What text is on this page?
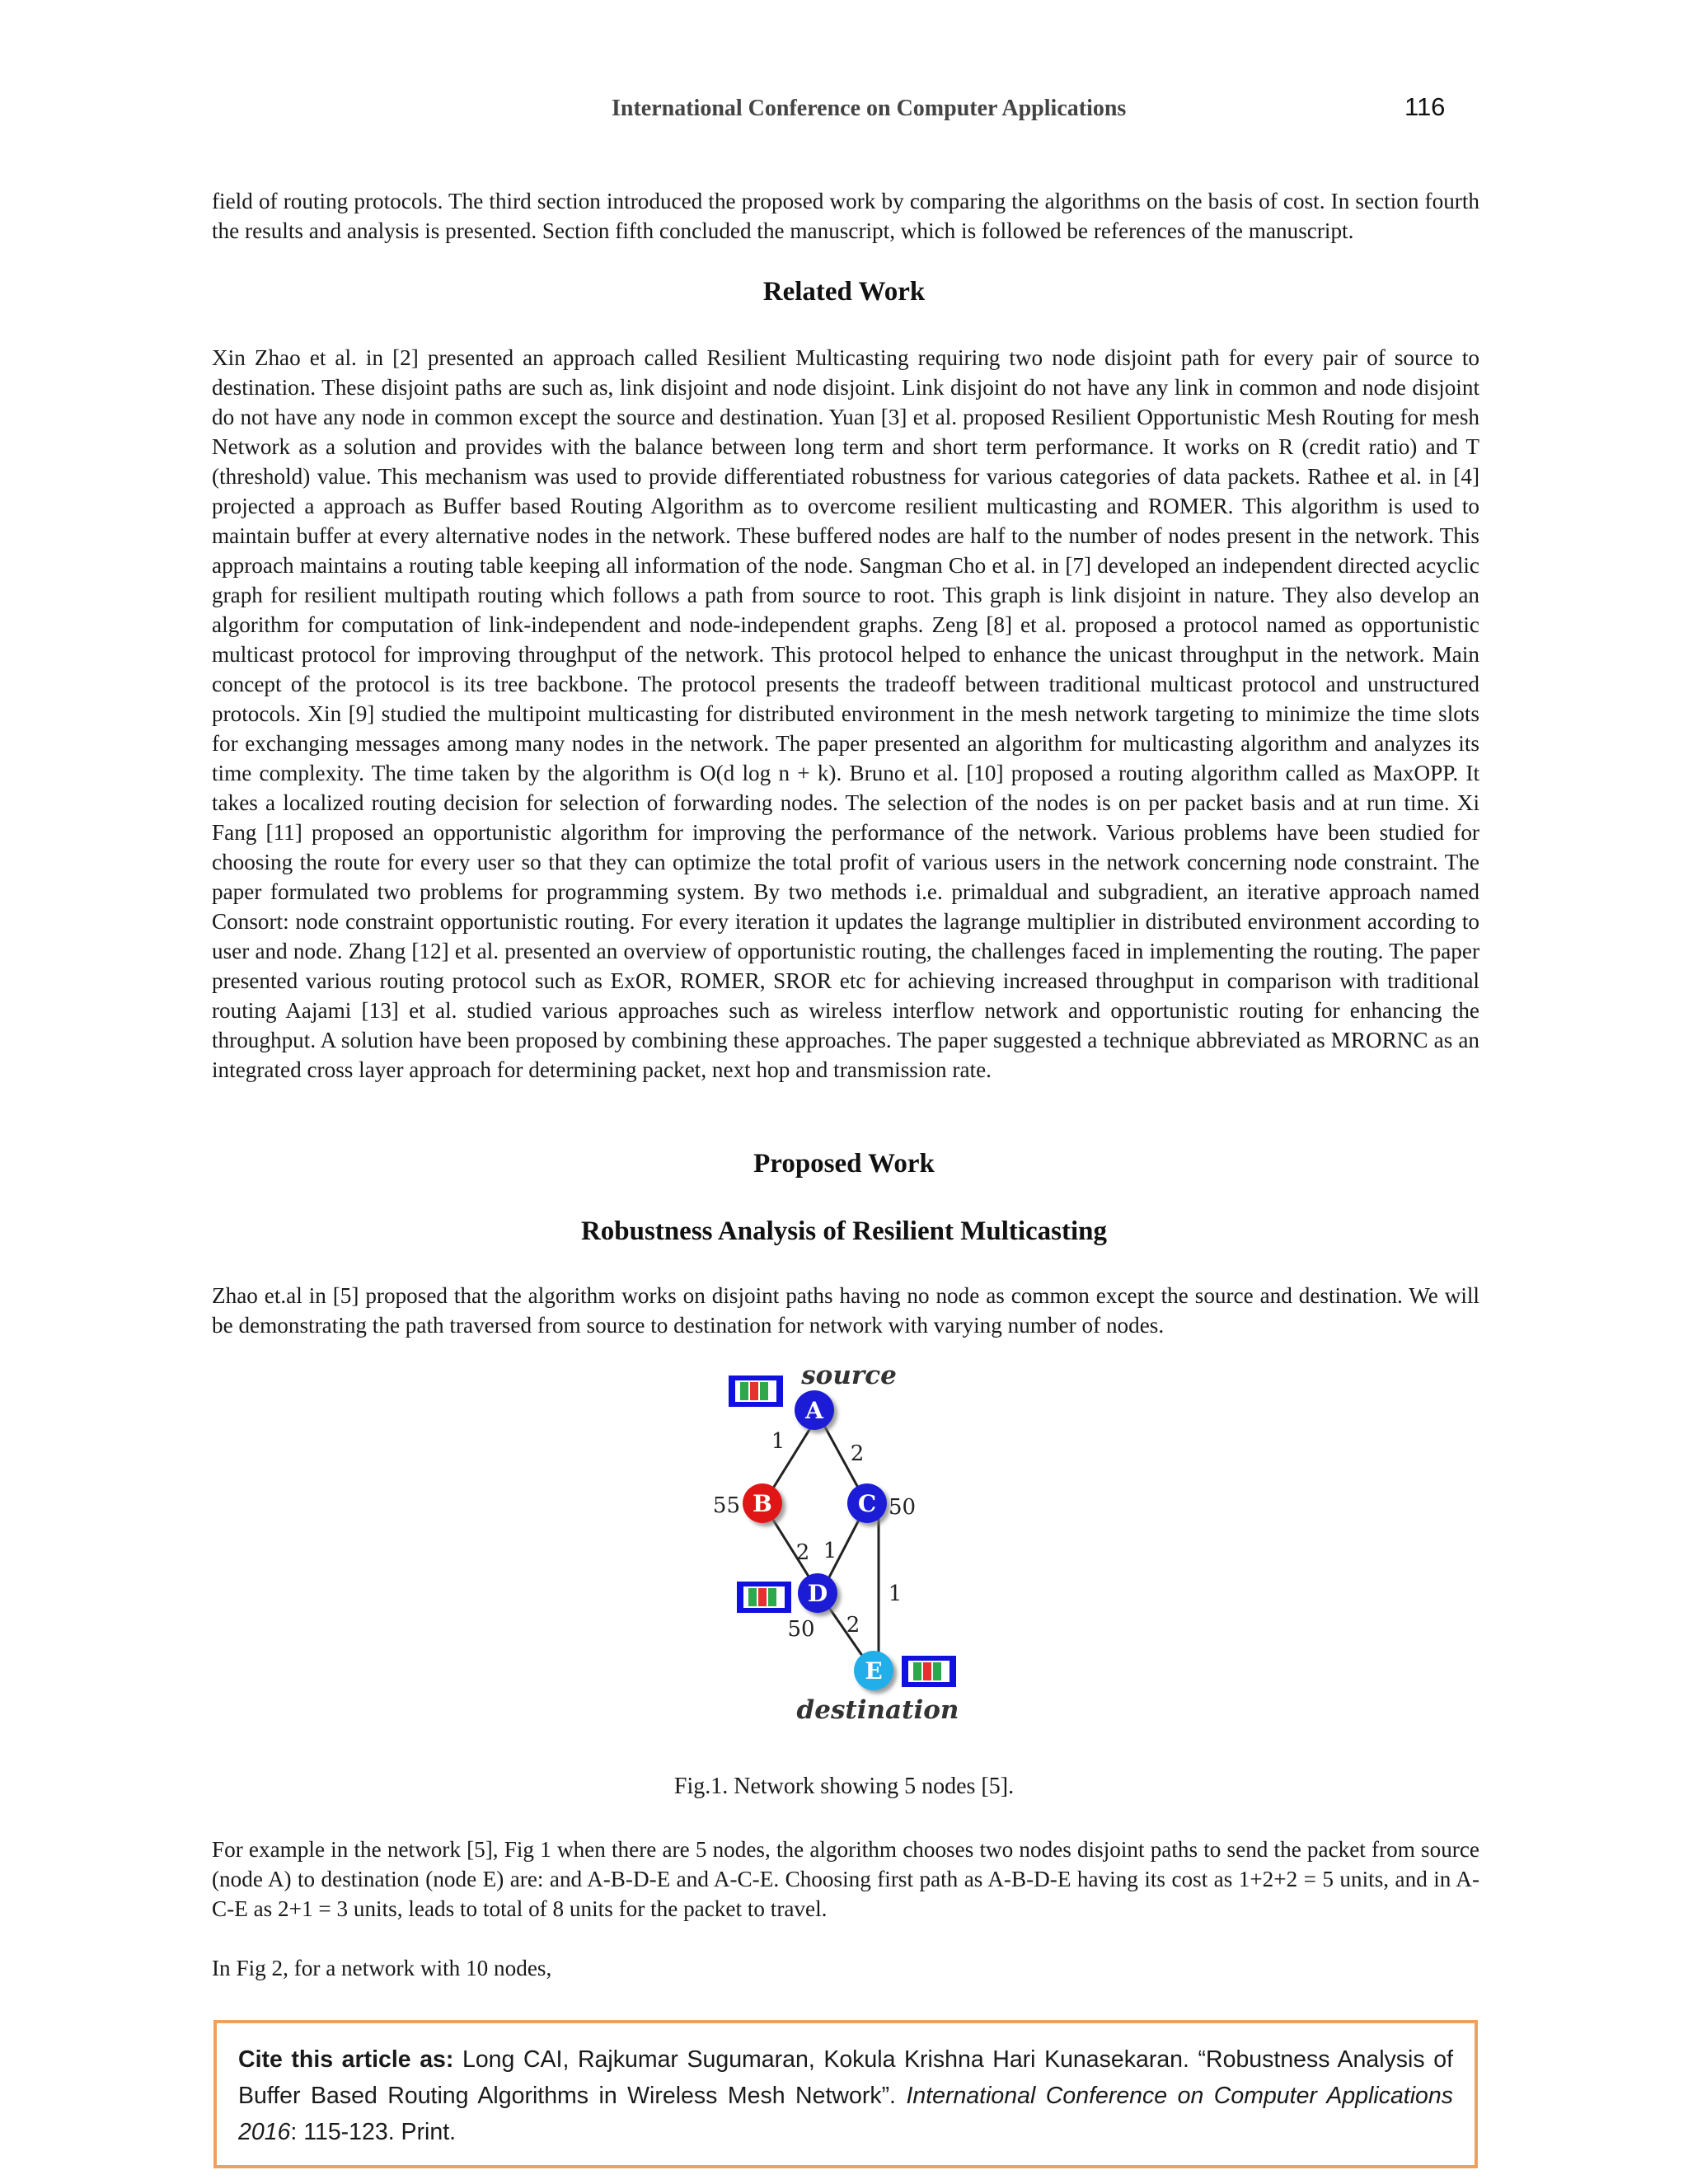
International Conference on Computer Applications	116

field of routing protocols. The third section introduced the proposed work by comparing the algorithms on the basis of cost. In section fourth the results and analysis is presented. Section fifth concluded the manuscript, which is followed be references of the manuscript.

Related Work

Xin Zhao et al. in [2] presented an approach called Resilient Multicasting requiring two node disjoint path for every pair of source to destination. These disjoint paths are such as, link disjoint and node disjoint. Link disjoint do not have any link in common and node disjoint do not have any node in common except the source and destination. Yuan [3] et al. proposed Resilient Opportunistic Mesh Routing for mesh Network as a solution and provides with the balance between long term and short term performance. It works on R (credit ratio) and T (threshold) value. This mechanism was used to provide differentiated robustness for various categories of data packets. Rathee et al. in [4] projected a approach as Buffer based Routing Algorithm as to overcome resilient multicasting and ROMER. This algorithm is used to maintain buffer at every alternative nodes in the network. These buffered nodes are half to the number of nodes present in the network. This approach maintains a routing table keeping all information of the node. Sangman Cho et al. in [7] developed an independent directed acyclic graph for resilient multipath routing which follows a path from source to root. This graph is link disjoint in nature. They also develop an algorithm for computation of link-independent and node-independent graphs. Zeng [8] et al. proposed a protocol named as opportunistic multicast protocol for improving throughput of the network. This protocol helped to enhance the unicast throughput in the network. Main concept of the protocol is its tree backbone. The protocol presents the tradeoff between traditional multicast protocol and unstructured protocols. Xin [9] studied the multipoint multicasting for distributed environment in the mesh network targeting to minimize the time slots for exchanging messages among many nodes in the network. The paper presented an algorithm for multicasting algorithm and analyzes its time complexity. The time taken by the algorithm is O(d log n + k). Bruno et al. [10] proposed a routing algorithm called as MaxOPP. It takes a localized routing decision for selection of forwarding nodes. The selection of the nodes is on per packet basis and at run time. Xi Fang [11] proposed an opportunistic algorithm for improving the performance of the network. Various problems have been studied for choosing the route for every user so that they can optimize the total profit of various users in the network concerning node constraint. The paper formulated two problems for programming system. By two methods i.e. primaldual and subgradient, an iterative approach named Consort: node constraint opportunistic routing. For every iteration it updates the lagrange multiplier in distributed environment according to user and node. Zhang [12] et al. presented an overview of opportunistic routing, the challenges faced in implementing the routing. The paper presented various routing protocol such as ExOR, ROMER, SROR etc for achieving increased throughput in comparison with traditional routing Aajami [13] et al. studied various approaches such as wireless interflow network and opportunistic routing for enhancing the throughput. A solution have been proposed by combining these approaches. The paper suggested a technique abbreviated as MRORNC as an integrated cross layer approach for determining packet, next hop and transmission rate.

Proposed Work
Robustness Analysis of Resilient Multicasting

Zhao et.al in [5] proposed that the algorithm works on disjoint paths having no node as common except the source and destination. We will be demonstrating the path traversed from source to destination for network with varying number of nodes.

source
destination
A
B	C
D
E
55	50
50
1	2
2 1
1
2
Fig.1. Network showing 5 nodes [5].

For example in the network [5], Fig 1 when there are 5 nodes, the algorithm chooses two nodes disjoint paths to send the packet from source (node A) to destination (node E) are: and A-B-D-E and A-C-E. Choosing first path as A-B-D-E having its cost as 1+2+2 = 5 units, and in A-C-E as 2+1 = 3 units, leads to total of 8 units for the packet to travel.

In Fig 2, for a network with 10 nodes,

Cite this article as: Long CAI, Rajkumar Sugumaran, Kokula Krishna Hari Kunasekaran. “Robustness Analysis of Buffer Based Routing Algorithms in Wireless Mesh Network”. International Conference on Computer Applications 2016: 115-123. Print.
